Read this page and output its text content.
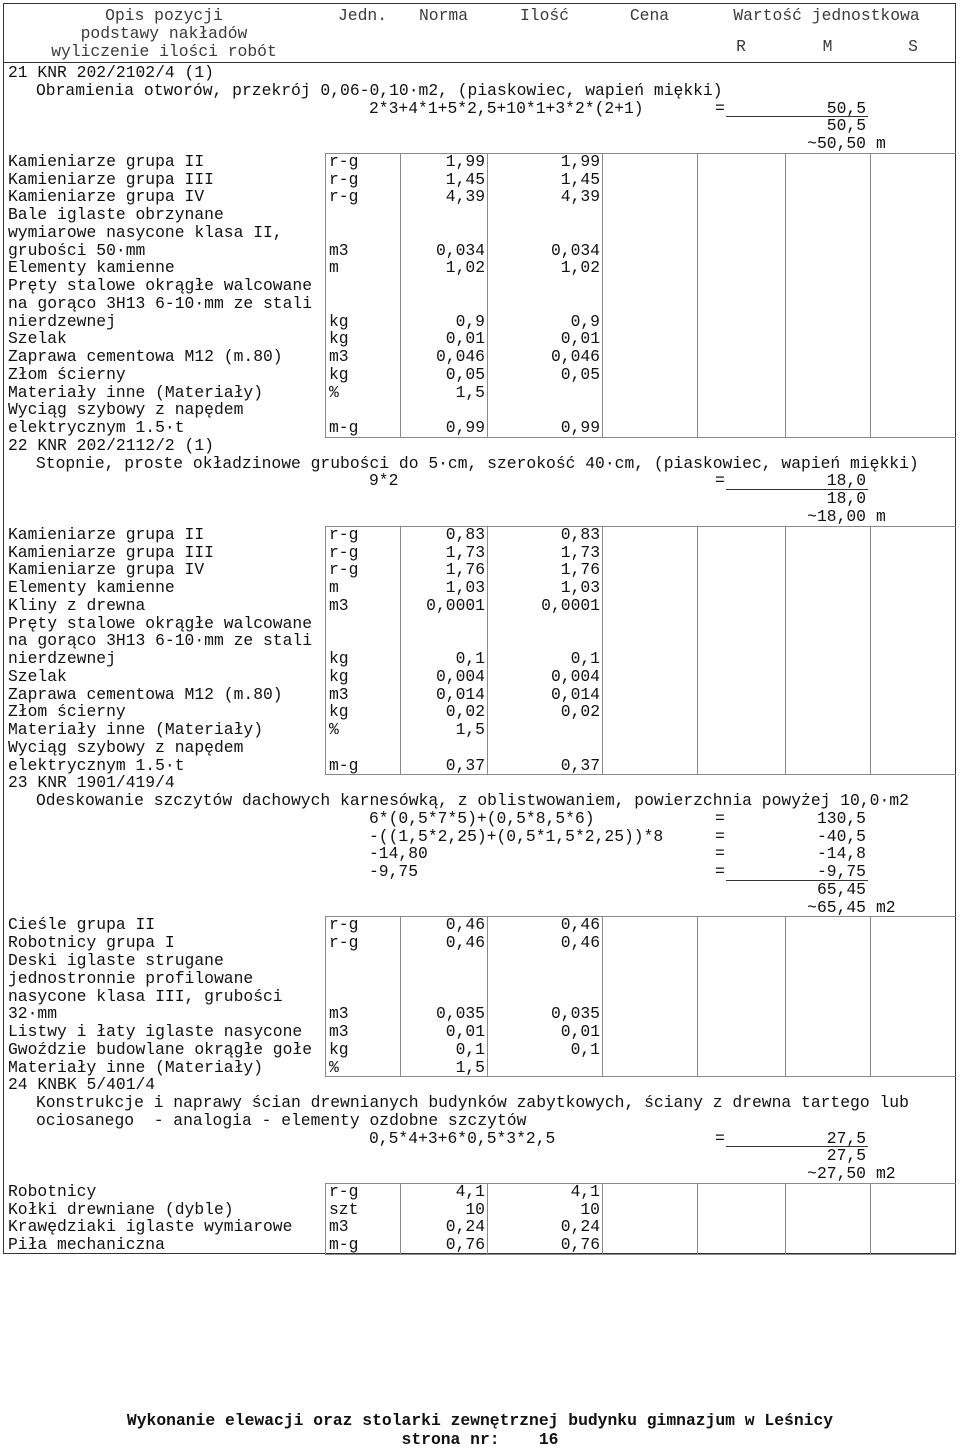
Opis pozycji
podstawy nakładów
wyliczenie ilości robót
Jedn.	Norma	Ilość	Cena	Wartość jednostkowa
R	M	S
21 KNR 202/2102/4 (1)
Obramienia otworów, przekrój 0,06-0,10·m2, (piaskowiec, wapień miękki)
2*3+4*1+5*2,5+10*1+3*2*(2+1)	=	50,5
50,5
~50,50 m
Kamieniarze grupa II	r-g	1,99	1,99
Kamieniarze grupa III	r-g	1,45	1,45
Kamieniarze grupa IV	r-g	4,39	4,39
Bale iglaste obrzynane
wymiarowe nasycone klasa II,
grubości 50·mm	m3	0,034	0,034
Elementy kamienne	m	1,02	1,02
Pręty stalowe okrągłe walcowane
na gorąco 3H13 6-10·mm ze stali
nierdzewnej	kg	0,9	0,9
Szelak	kg	0,01	0,01
Zaprawa cementowa M12 (m.80)	m3	0,046	0,046
Złom ścierny	kg	0,05	0,05
Materiały inne (Materiały)	%	1,5
Wyciąg szybowy z napędem
elektrycznym 1.5·t	m-g	0,99	0,99
22 KNR 202/2112/2 (1)
Stopnie, proste okładzinowe grubości do 5·cm, szerokość 40·cm, (piaskowiec, wapień miękki)
9*2	=	18,0
18,0
~18,00 m
Kamieniarze grupa II	r-g	0,83	0,83
Kamieniarze grupa III	r-g	1,73	1,73
Kamieniarze grupa IV	r-g	1,76	1,76
Elementy kamienne	m	1,03	1,03
Kliny z drewna	m3	0,0001	0,0001
Pręty stalowe okrągłe walcowane
na gorąco 3H13 6-10·mm ze stali
nierdzewnej	kg	0,1	0,1
Szelak	kg	0,004	0,004
Zaprawa cementowa M12 (m.80)	m3	0,014	0,014
Złom ścierny	kg	0,02	0,02
Materiały inne (Materiały)	%	1,5
Wyciąg szybowy z napędem
elektrycznym 1.5·t	m-g	0,37	0,37
23 KNR 1901/419/4
Odeskowanie szczytów dachowych karnesówką, z oblistwowaniem, powierzchnia powyżej 10,0·m2
6*(0,5*7*5)+(0,5*8,5*6)	=	130,5
-((1,5*2,25)+(0,5*1,5*2,25))*8	=	-40,5
-14,80	=	-14,8
-9,75	=	-9,75
65,45
~65,45 m2
Cieśle grupa II	r-g	0,46	0,46
Robotnicy grupa I	r-g	0,46	0,46
Deski iglaste strugane
jednostronnie profilowane
nasycone klasa III, grubości
32·mm	m3	0,035	0,035
Listwy i łaty iglaste nasycone m3	0,01	0,01
Gwoździe budowlane okrągłe gołe kg	0,1	0,1
Materiały inne (Materiały)	%	1,5
24 KNBK 5/401/4
Konstrukcje i naprawy ścian drewnianych budynków zabytkowych, ściany z drewna tartego lub
ociosanego  - analogia - elementy ozdobne szczytów
0,5*4+3+6*0,5*3*2,5	=	27,5
27,5
~27,50 m2
Robotnicy	r-g	4,1	4,1
Kołki drewniane (dyble)	szt	10	10
Krawędziaki iglaste wymiarowe m3	0,24	0,24
Piła mechaniczna	m-g	0,76	0,76
Wykonanie elewacji oraz stolarki zewnętrznej budynku gimnazjum w Leśnicy
strona nr: 16
